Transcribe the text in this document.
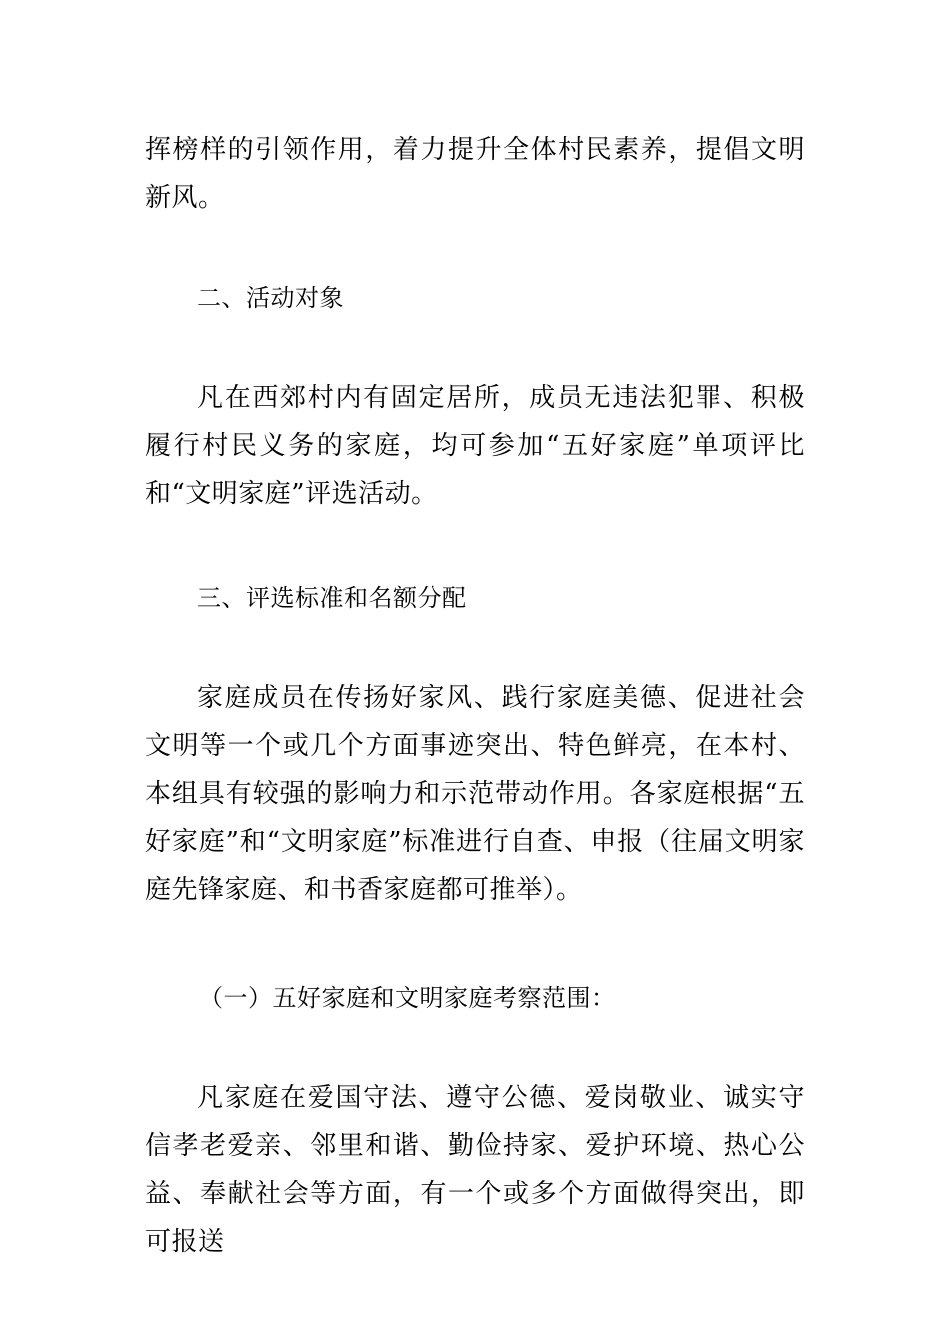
挥榜样的引领作用，着力提升全体村民素养，提倡文明新风。

二、活动对象

凡在西郊村内有固定居所，成员无违法犯罪、积极履行村民义务的家庭，均可参加“五好家庭”单项评比和“文明家庭”评选活动。

三、评选标准和名额分配

家庭成员在传扬好家风、践行家庭美德、促进社会文明等一个或几个方面事迹突出、特色鲜亮，在本村、本组具有较强的影响力和示范带动作用。各家庭根据“五好家庭”和“文明家庭”标准进行自查、申报（往届文明家庭先锋家庭、和书香家庭都可推举）。

（一）五好家庭和文明家庭考察范围：

凡家庭在爱国守法、遵守公德、爱岗敬业、诚实守信孝老爱亲、邻里和谐、勤俭持家、爱护环境、热心公益、奉献社会等方面，有一个或多个方面做得突出，即可报送
